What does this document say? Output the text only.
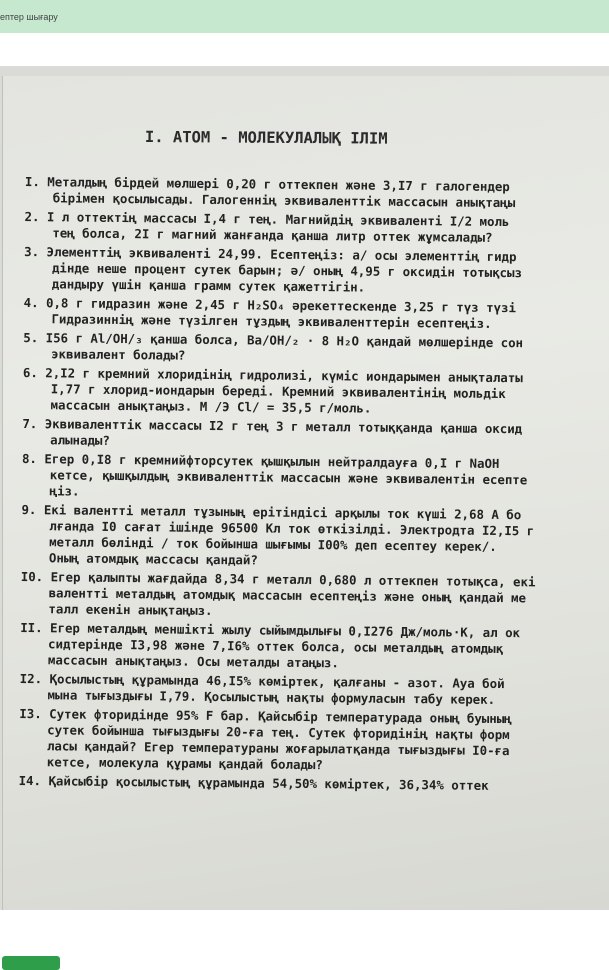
ептер шығару
I. АТОМ - МОЛЕКУЛАЛЫҚ ІЛІМ
I. Металдың бірдей мөлшері 0,20 г оттекпен және 3,I7 г галогендер
бірімен қосылысады. Галогеннің эквиваленттік массасын анықтаңы
2. I л оттектің массасы I,4 г тең. Магнийдің эквиваленті I/2 моль
тең болса, 2I г магний жанғанда қанша литр оттек жұмсалады?
3. Элементтің эквиваленті 24,99. Есептеңіз: а/ осы элементтің гидр
дінде неше процент сутек барын; ә/ оның 4,95 г оксидін тотықсыз
дандыру үшін қанша грамм сутек қажеттігін.
4. 0,8 г гидразин және 2,45 г H₂SO₄ әрекеттескенде 3,25 г түз түзі
Гидразиннің және түзілген тұздың эквиваленттерін есептеңіз.
5. I56 г Al/OH/₃ қанша болса, Ba/OH/₂ · 8 H₂O қандай мөлшерінде сон
эквивалент болады?
6. 2,I2 г кремний хлоридінің гидролизі, күміс иондарымен анықталаты
I,77 г хлорид-иондарын береді. Кремний эквивалентінің мольдік
массасын анықтаңыз. M /Э Cl/ = 35,5 г/моль.
7. Эквиваленттік массасы I2 г тең 3 г металл тотыққанда қанша оксид
алынады?
8. Егер 0,I8 г кремнийфторсутек қышқылын нейтралдауға 0,I г NaOH
кетсе, қышқылдың эквиваленттік массасын және эквивалентін есепте
ңіз.
9. Екі валентті металл тұзының ерітіндісі арқылы ток күші 2,68 А бо
лғанда I0 сағат ішінде 96500 Кл ток өткізілді. Электродта I2,I5 г
металл бөлінді / ток бойынша шығымы I00% деп есептеу керек/.
Оның атомдық массасы қандай?
I0. Егер қалыпты жағдайда 8,34 г металл 0,680 л оттекпен тотықса, екі
валентті металдың атомдық массасын есептеңіз және оның қандай ме
талл екенін анықтаңыз.
II. Егер металдың меншікті жылу сыйымдылығы 0,I276 Дж/моль·К, ал ок
сидтерінде I3,98 және 7,I6% оттек болса, осы металдың атомдық
массасын анықтаңыз. Осы металды атаңыз.
I2. Қосылыстың құрамында 46,I5% көміртек, қалғаны - азот. Ауа бой
мына тығыздығы I,79. Қосылыстың нақты формуласын табу керек.
I3. Сутек фторидінде 95% F бар. Қайсыбір температурада оның буының
сутек бойынша тығыздығы 20-ға тең. Сутек фторидінің нақты форм
ласы қандай? Егер температураны жоғарылатқанда тығыздығы I0-ға
кетсе, молекула құрамы қандай болады?
I4. Қайсыбір қосылыстың құрамында 54,50% көміртек, 36,34% оттек
